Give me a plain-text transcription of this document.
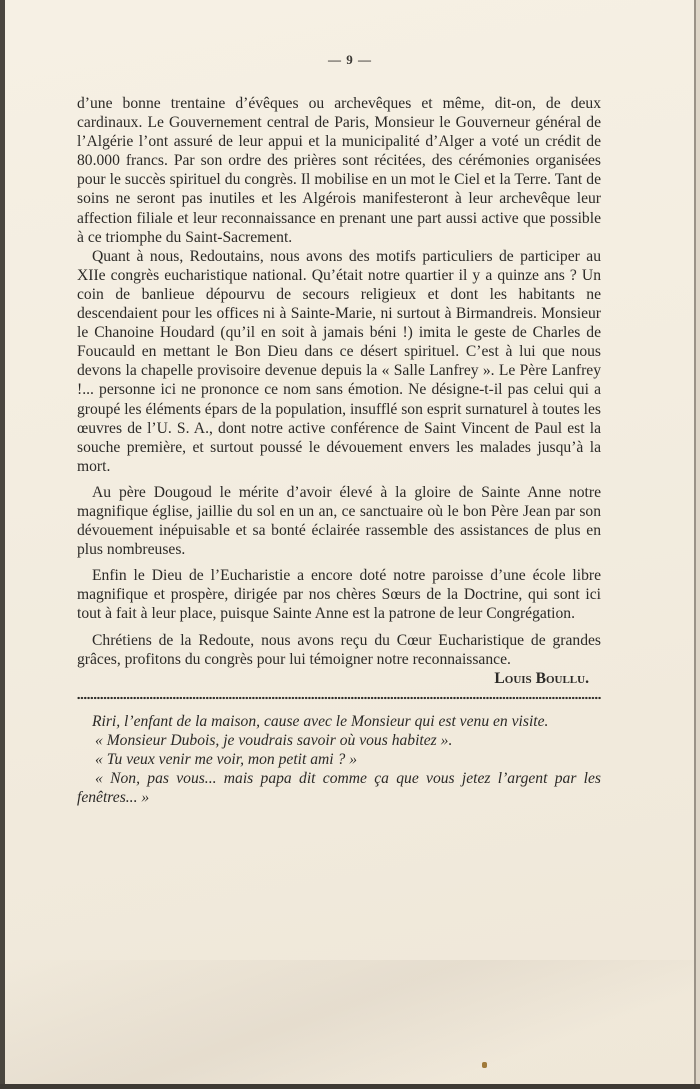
— 9 —

d’une bonne trentaine d’évêques ou archevêques et même, dit-on, de deux cardinaux. Le Gouvernement central de Paris, Monsieur le Gouverneur général de l’Algérie l’ont assuré de leur appui et la municipalité d’Alger a voté un crédit de 80.000 francs. Par son ordre des prières sont récitées, des cérémonies organisées pour le succès spirituel du congrès. Il mobilise en un mot le Ciel et la Terre. Tant de soins ne seront pas inutiles et les Algérois manifesteront à leur archevêque leur affection filiale et leur reconnaissance en prenant une part aussi active que possible à ce triomphe du Saint-Sacrement.

Quant à nous, Redoutains, nous avons des motifs particuliers de participer au XIIe congrès eucharistique national. Qu’était notre quartier il y a quinze ans ? Un coin de banlieue dépourvu de secours religieux et dont les habitants ne descendaient pour les offices ni à Sainte-Marie, ni surtout à Birmandreis. Monsieur le Chanoine Houdard (qu’il en soit à jamais béni !) imita le geste de Charles de Foucauld en mettant le Bon Dieu dans ce désert spirituel. C’est à lui que nous devons la chapelle provisoire devenue depuis la « Salle Lanfrey ». Le Père Lanfrey !... personne ici ne prononce ce nom sans émotion. Ne désigne-t-il pas celui qui a groupé les éléments épars de la population, insufflé son esprit surnaturel à toutes les œuvres de l’U. S. A., dont notre active conférence de Saint Vincent de Paul est la souche première, et surtout poussé le dévouement envers les malades jusqu’à la mort.

Au père Dougoud le mérite d’avoir élevé à la gloire de Sainte Anne notre magnifique église, jaillie du sol en un an, ce sanctuaire où le bon Père Jean par son dévouement inépuisable et sa bonté éclairée rassemble des assistances de plus en plus nombreuses.

Enfin le Dieu de l’Eucharistie a encore doté notre paroisse d’une école libre magnifique et prospère, dirigée par nos chères Sœurs de la Doctrine, qui sont ici tout à fait à leur place, puisque Sainte Anne est la patrone de leur Congrégation.

Chrétiens de la Redoute, nous avons reçu du Cœur Eucharistique de grandes grâces, profitons du congrès pour lui témoigner notre reconnaissance.

Louis Boullu.

Riri, l’enfant de la maison, cause avec le Monsieur qui est venu en visite.

« Monsieur Dubois, je voudrais savoir où vous habitez ».

« Tu veux venir me voir, mon petit ami ? »

« Non, pas vous... mais papa dit comme ça que vous jetez l’argent par les fenêtres... »
